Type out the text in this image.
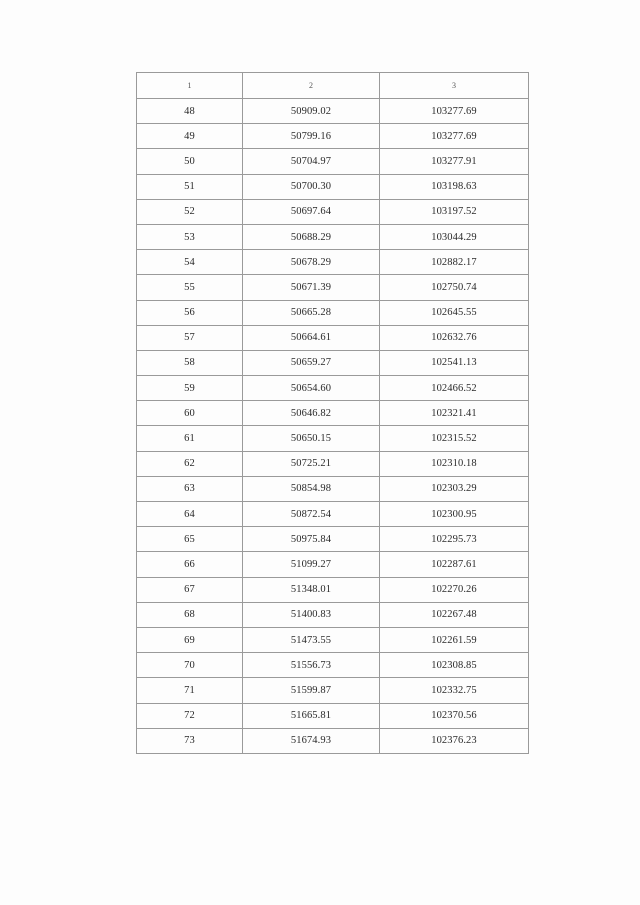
1	2	3
48	50909.02	103277.69
49	50799.16	103277.69
50	50704.97	103277.91
51	50700.30	103198.63
52	50697.64	103197.52
53	50688.29	103044.29
54	50678.29	102882.17
55	50671.39	102750.74
56	50665.28	102645.55
57	50664.61	102632.76
58	50659.27	102541.13
59	50654.60	102466.52
60	50646.82	102321.41
61	50650.15	102315.52
62	50725.21	102310.18
63	50854.98	102303.29
64	50872.54	102300.95
65	50975.84	102295.73
66	51099.27	102287.61
67	51348.01	102270.26
68	51400.83	102267.48
69	51473.55	102261.59
70	51556.73	102308.85
71	51599.87	102332.75
72	51665.81	102370.56
73	51674.93	102376.23
